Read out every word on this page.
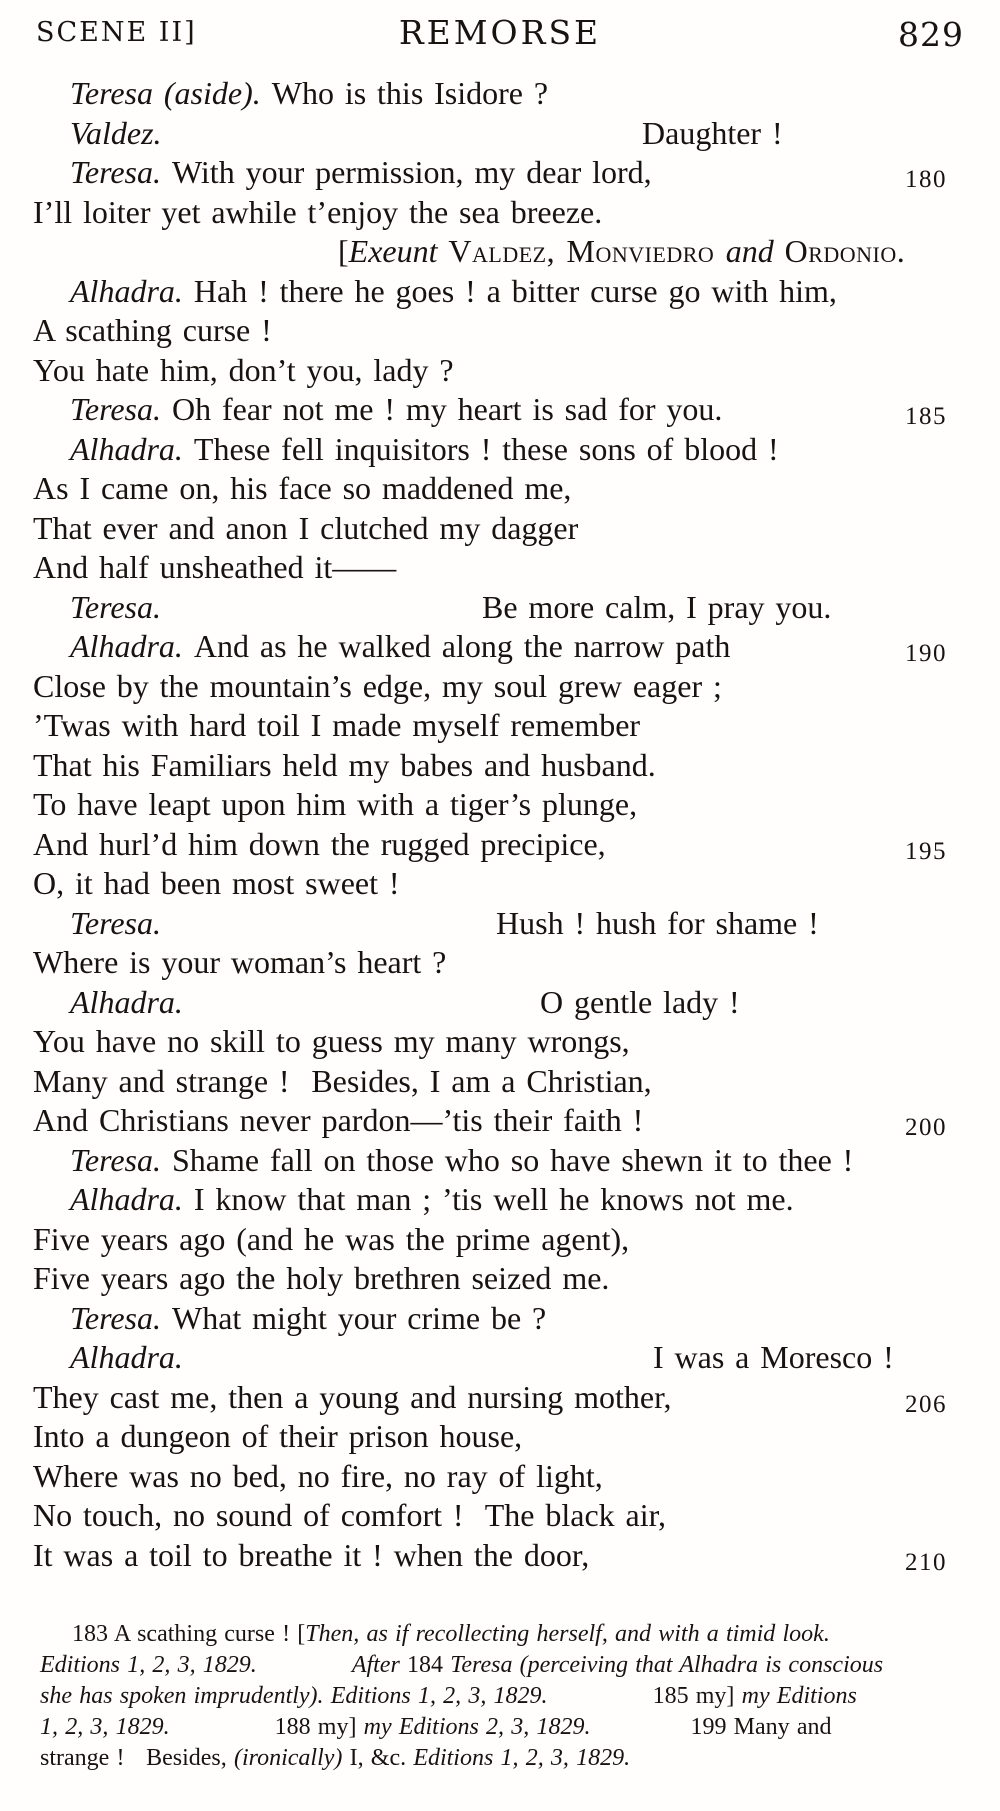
SCENE II]	REMORSE	829
Teresa (aside). Who is this Isidore ?
Valdez.	Daughter !
Teresa. With your permission, my dear lord,	180
I’ll loiter yet awhile t’enjoy the sea breeze.
[Exeunt Valdez, Monviedro and Ordonio.
Alhadra. Hah ! there he goes ! a bitter curse go with him,
A scathing curse !
You hate him, don’t you, lady ?
Teresa. Oh fear not me ! my heart is sad for you.	185
Alhadra. These fell inquisitors ! these sons of blood !
As I came on, his face so maddened me,
That ever and anon I clutched my dagger
And half unsheathed it——
Teresa.	Be more calm, I pray you.
Alhadra. And as he walked along the narrow path	190
Close by the mountain’s edge, my soul grew eager ;
’Twas with hard toil I made myself remember
That his Familiars held my babes and husband.
To have leapt upon him with a tiger’s plunge,
And hurl’d him down the rugged precipice,	195
O, it had been most sweet !
Teresa.	Hush ! hush for shame !
Where is your woman’s heart ?
Alhadra.	O gentle lady !
You have no skill to guess my many wrongs,
Many and strange !  Besides, I am a Christian,
And Christians never pardon—’tis their faith !	200
Teresa. Shame fall on those who so have shewn it to thee !
Alhadra. I know that man ; ’tis well he knows not me.
Five years ago (and he was the prime agent),
Five years ago the holy brethren seized me.
Teresa. What might your crime be ?
Alhadra.	I was a Moresco !
They cast me, then a young and nursing mother,	206
Into a dungeon of their prison house,
Where was no bed, no fire, no ray of light,
No touch, no sound of comfort !  The black air,
It was a toil to breathe it ! when the door,	210
183 A scathing curse ! [Then, as if recollecting herself, and with a timid look.
Editions 1, 2, 3, 1829.	After 184 Teresa (perceiving that Alhadra is conscious
she has spoken imprudently). Editions 1, 2, 3, 1829.	185 my] my Editions
1, 2, 3, 1829.	188 my] my Editions 2, 3, 1829.	199 Many and
strange !   Besides, (ironically) I, &c. Editions 1, 2, 3, 1829.
